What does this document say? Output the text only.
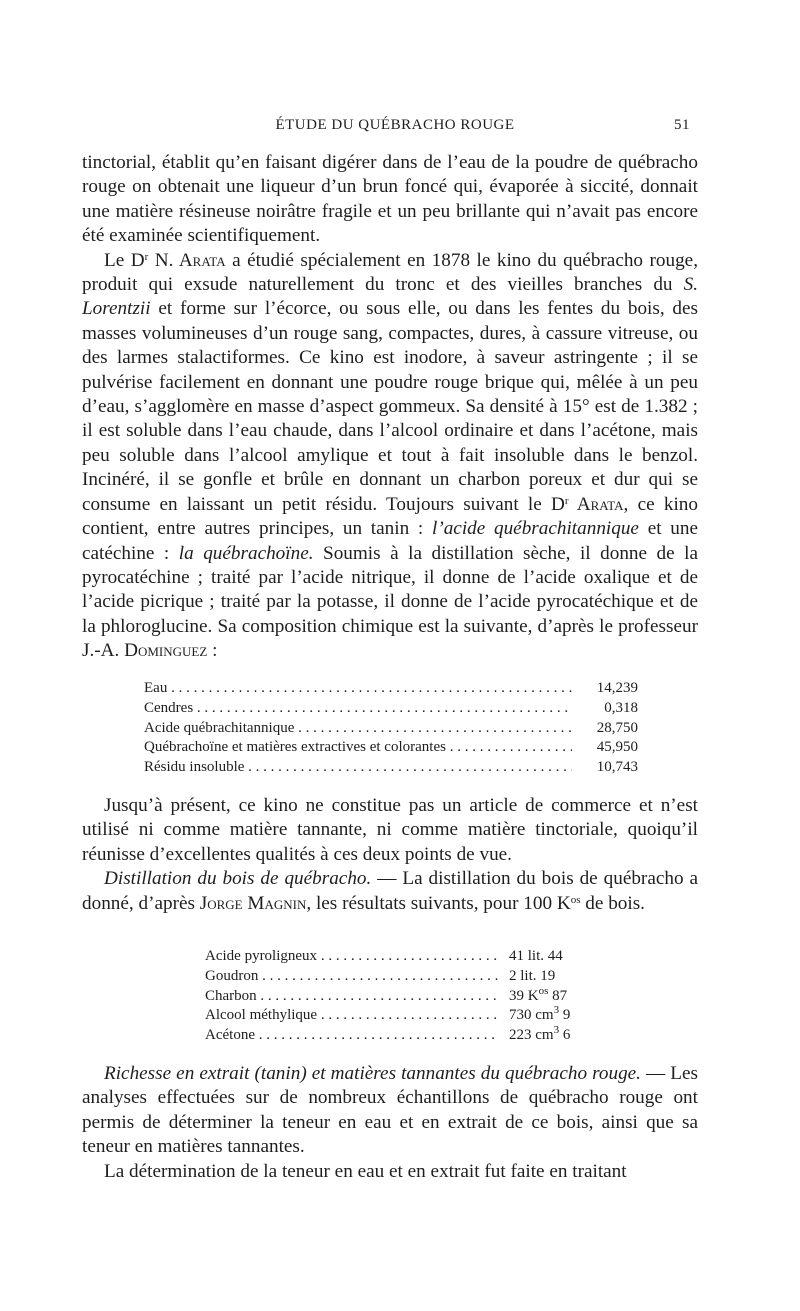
ÉTUDE DU QUÉBRACHO ROUGE	51

tinctorial, établit qu’en faisant digérer dans de l’eau de la poudre de québracho rouge on obtenait une liqueur d’un brun foncé qui, évaporée à siccité, donnait une matière résineuse noirâtre fragile et un peu brillante qui n’avait pas encore été examinée scientifiquement.

Le $D^r$ N. Arata a étudié spécialement en 1878 le kino du québracho rouge, produit qui exsude naturellement du tronc et des vieilles branches du S. Lorentzii et forme sur l’écorce, ou sous elle, ou dans les fentes du bois, des masses volumineuses d’un rouge sang, compactes, dures, à cassure vitreuse, ou des larmes stalactiformes. Ce kino est inodore, à saveur astringente ; il se pulvérise facilement en donnant une poudre rouge brique qui, mêlée à un peu d’eau, s’agglomère en masse d’aspect gommeux. Sa densité à 15° est de 1.382 ; il est soluble dans l’eau chaude, dans l’alcool ordinaire et dans l’acétone, mais peu soluble dans l’alcool amylique et tout à fait insoluble dans le benzol. Incinéré, il se gonfle et brûle en donnant un charbon poreux et dur qui se consume en laissant un petit résidu. Toujours suivant le $D^r$ Arata, ce kino contient, entre autres principes, un tanin : l’acide québrachitannique et une catéchine : la québrachoïne. Soumis à la distillation sèche, il donne de la pyrocatéchine ; traité par l’acide nitrique, il donne de l’acide oxalique et de l’acide picrique ; traité par la potasse, il donne de l’acide pyrocatéchique et de la phloroglucine. Sa composition chimique est la suivante, d’après le professeur J.-A. Dominguez :

Eau . . .	14,239
Cendres . . .	0,318
Acide québrachitannique . . .	28,750
Québrachoïne et matières extractives et colorantes . . .	45,950
Résidu insoluble . . .	10,743

Jusqu’à présent, ce kino ne constitue pas un article de commerce et n’est utilisé ni comme matière tannante, ni comme matière tinctoriale, quoiqu’il réunisse d’excellentes qualités à ces deux points de vue.

Distillation du bois de québracho. — La distillation du bois de québracho a donné, d’après Jorge Magnin, les résultats suivants, pour 100 $K^{os}$ de bois.

Acide pyroligneux . . .	41 lit. 44
Goudron . . .	2 lit. 19
Charbon . . .	39 $K^{os}$ 87
Alcool méthylique . . .	730 $cm^3$ 9
Acétone . . .	223 $cm^3$ 6

Richesse en extrait (tanin) et matières tannantes du québracho rouge. — Les analyses effectuées sur de nombreux échantillons de québracho rouge ont permis de déterminer la teneur en eau et en extrait de ce bois, ainsi que sa teneur en matières tannantes.

La détermination de la teneur en eau et en extrait fut faite en traitant
